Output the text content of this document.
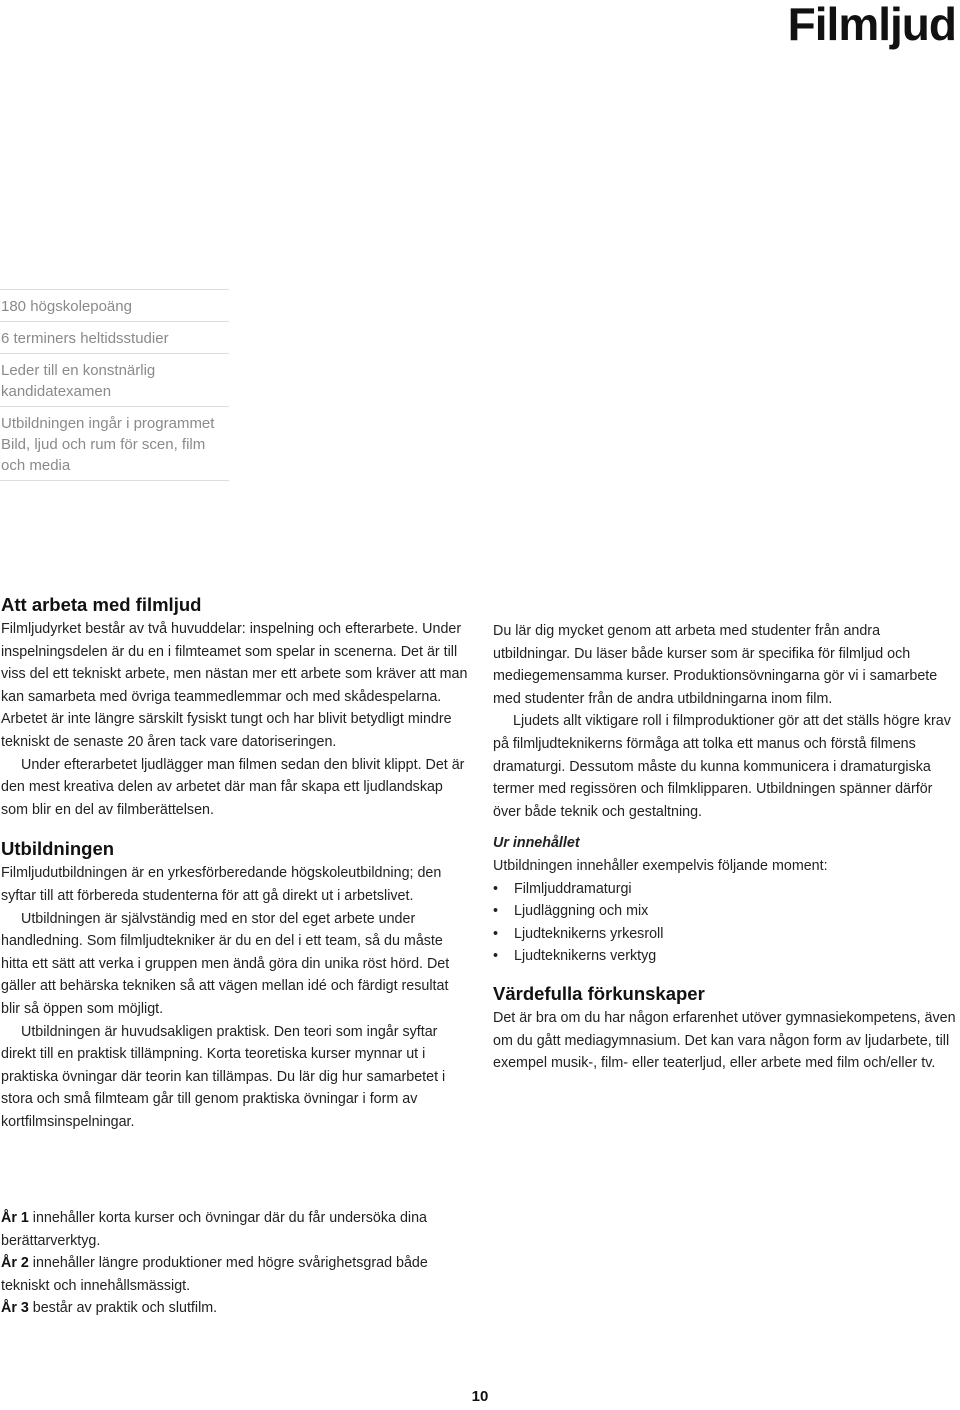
Filmljud
180 högskolepoäng
6 terminers heltidsstudier
Leder till en konstnärlig kandidatexamen
Utbildningen ingår i programmet Bild, ljud och rum för scen, film och media
Att arbeta med filmljud

Filmljudyrket består av två huvuddelar: inspelning och efterarbete. Under inspelningsdelen är du en i filmteamet som spelar in scenerna. Det är till viss del ett tekniskt arbete, men nästan mer ett arbete som kräver att man kan samarbeta med övriga teammedlemmar och med skådespelarna. Arbetet är inte längre särskilt fysiskt tungt och har blivit betydligt mindre tekniskt de senaste 20 åren tack vare datoriseringen.

Under efterarbetet ljudlägger man filmen sedan den blivit klippt. Det är den mest kreativa delen av arbetet där man får skapa ett ljudlandskap som blir en del av filmberättelsen.

Utbildningen

Filmljudutbildningen är en yrkesförberedande högskoleutbildning; den syftar till att förbereda studenterna för att gå direkt ut i arbetslivet.

Utbildningen är självständig med en stor del eget arbete under handledning. Som filmljudtekniker är du en del i ett team, så du måste hitta ett sätt att verka i gruppen men ändå göra din unika röst hörd. Det gäller att behärska tekniken så att vägen mellan idé och färdigt resultat blir så öppen som möjligt.

Utbildningen är huvudsakligen praktisk. Den teori som ingår syftar direkt till en praktisk tillämpning. Korta teoretiska kurser mynnar ut i praktiska övningar där teorin kan tillämpas. Du lär dig hur samarbetet i stora och små filmteam går till genom praktiska övningar i form av kortfilmsinspelningar.

Du lär dig mycket genom att arbeta med studenter från andra utbildningar. Du läser både kurser som är specifika för filmljud och mediegemensamma kurser. Produktionsövningarna gör vi i samarbete med studenter från de andra utbildningarna inom film.

Ljudets allt viktigare roll i filmproduktioner gör att det ställs högre krav på filmljudteknikerns förmåga att tolka ett manus och förstå filmens dramaturgi. Dessutom måste du kunna kommunicera i dramaturgiska termer med regissören och filmklipparen. Utbildningen spänner därför över både teknik och gestaltning.

Ur innehållet

Utbildningen innehåller exempelvis följande moment:

• Filmljuddramaturgi
• Ljudläggning och mix
• Ljudteknikerns yrkesroll
• Ljudteknikerns verktyg
Värdefulla förkunskaper

Det är bra om du har någon erfarenhet utöver gymnasiekompetens, även om du gått mediagymnasium. Det kan vara någon form av ljudarbete, till exempel musik-, film- eller teaterljud, eller arbete med film och/eller tv.

År 1 innehåller korta kurser och övningar där du får undersöka dina berättarverktyg.
År 2 innehåller längre produktioner med högre svårighetsgrad både tekniskt och innehållsmässigt.
År 3 består av praktik och slutfilm.
10
